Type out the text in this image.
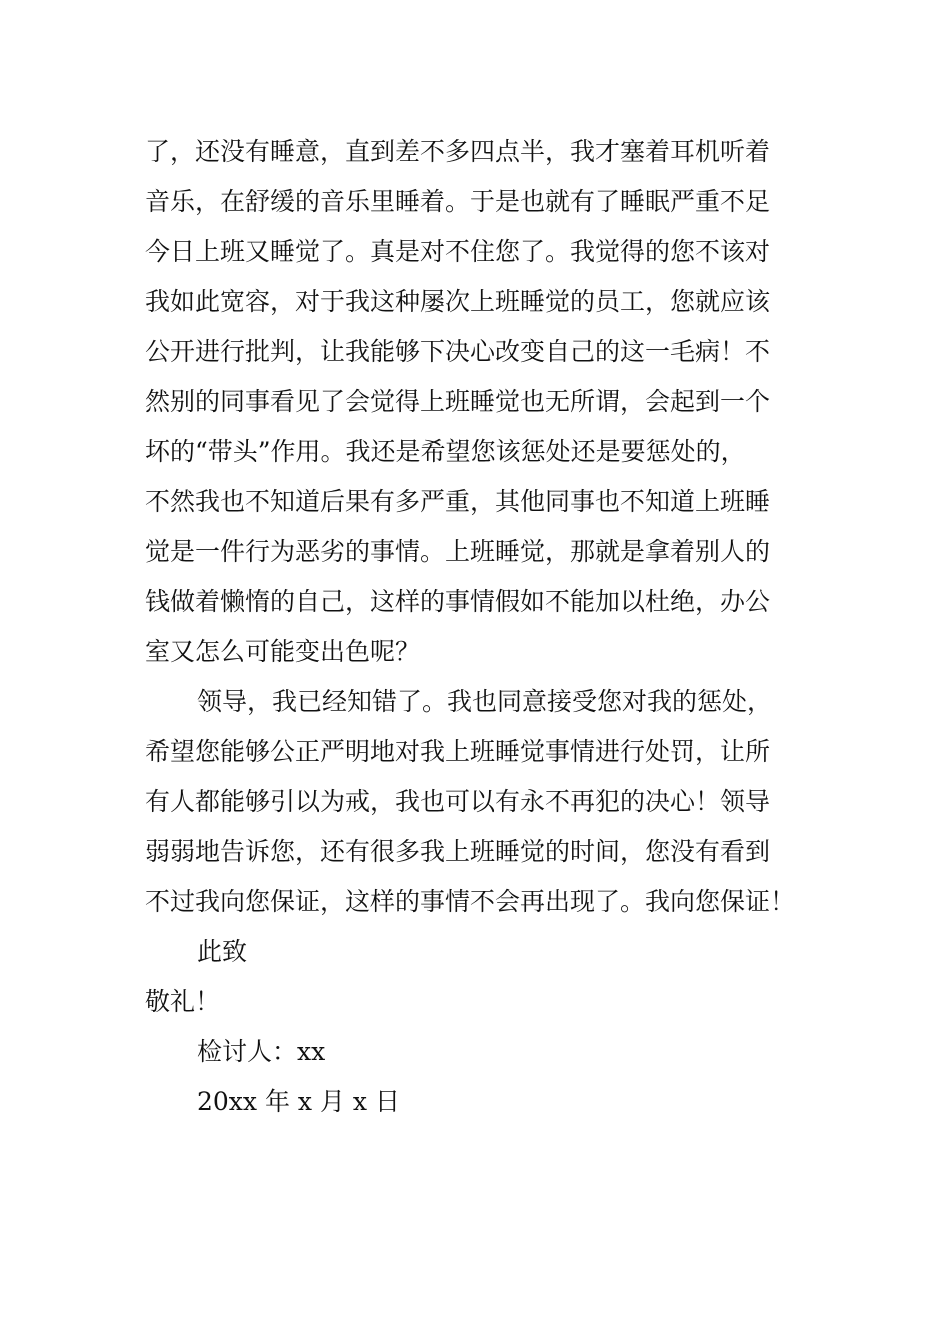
了，还没有睡意，直到差不多四点半，我才塞着耳机听着
音乐，在舒缓的音乐里睡着。于是也就有了睡眠严重不足
今日上班又睡觉了。真是对不住您了。我觉得的您不该对
我如此宽容，对于我这种屡次上班睡觉的员工，您就应该
公开进行批判，让我能够下决心改变自己的这一毛病！不
然别的同事看见了会觉得上班睡觉也无所谓，会起到一个
坏的“带头”作用。我还是希望您该惩处还是要惩处的，
不然我也不知道后果有多严重，其他同事也不知道上班睡
觉是一件行为恶劣的事情。上班睡觉，那就是拿着别人的
钱做着懒惰的自己，这样的事情假如不能加以杜绝，办公
室又怎么可能变出色呢？
领导，我已经知错了。我也同意接受您对我的惩处，
希望您能够公正严明地对我上班睡觉事情进行处罚，让所
有人都能够引以为戒，我也可以有永不再犯的决心！领导
弱弱地告诉您，还有很多我上班睡觉的时间，您没有看到
不过我向您保证，这样的事情不会再出现了。我向您保证！
此致
敬礼！
检讨人：xx
20xx 年 x 月 x 日
